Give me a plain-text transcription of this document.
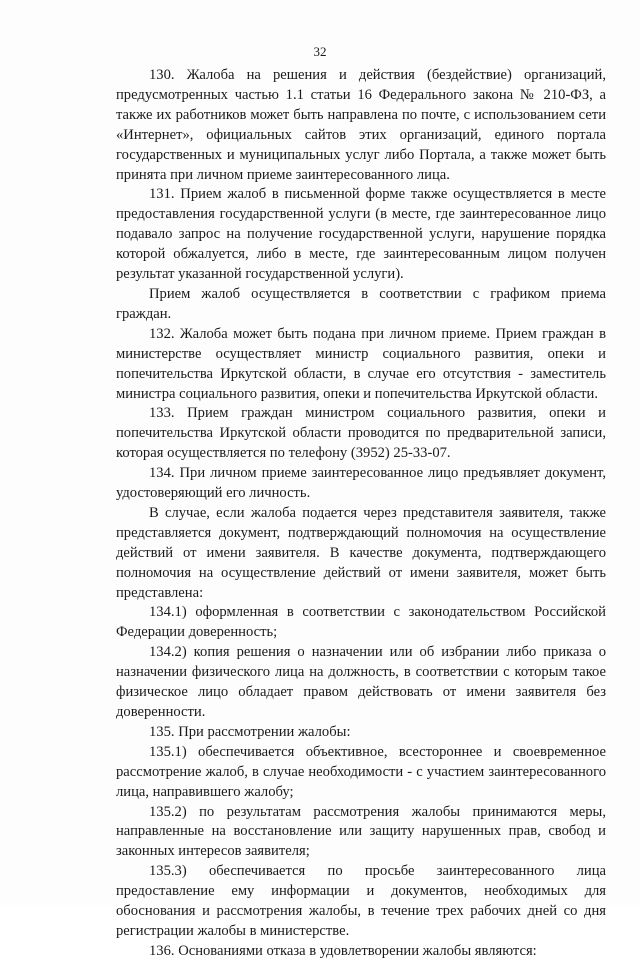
32

130. Жалоба на решения и действия (бездействие) организаций, предусмотренных частью 1.1 статьи 16 Федерального закона № 210-ФЗ, а также их работников может быть направлена по почте, с использованием сети «Интернет», официальных сайтов этих организаций, единого портала государственных и муниципальных услуг либо Портала, а также может быть принята при личном приеме заинтересованного лица.

131. Прием жалоб в письменной форме также осуществляется в месте предоставления государственной услуги (в месте, где заинтересованное лицо подавало запрос на получение государственной услуги, нарушение порядка которой обжалуется, либо в месте, где заинтересованным лицом получен результат указанной государственной услуги).

Прием жалоб осуществляется в соответствии с графиком приема граждан.

132. Жалоба может быть подана при личном приеме. Прием граждан в министерстве осуществляет министр социального развития, опеки и попечительства Иркутской области, в случае его отсутствия - заместитель министра социального развития, опеки и попечительства Иркутской области.

133. Прием граждан министром социального развития, опеки и попечительства Иркутской области проводится по предварительной записи, которая осуществляется по телефону (3952) 25-33-07.

134. При личном приеме заинтересованное лицо предъявляет документ, удостоверяющий его личность.

В случае, если жалоба подается через представителя заявителя, также представляется документ, подтверждающий полномочия на осуществление действий от имени заявителя. В качестве документа, подтверждающего полномочия на осуществление действий от имени заявителя, может быть представлена:

134.1) оформленная в соответствии с законодательством Российской Федерации доверенность;

134.2) копия решения о назначении или об избрании либо приказа о назначении физического лица на должность, в соответствии с которым такое физическое лицо обладает правом действовать от имени заявителя без доверенности.

135. При рассмотрении жалобы:

135.1) обеспечивается объективное, всестороннее и своевременное рассмотрение жалоб, в случае необходимости - с участием заинтересованного лица, направившего жалобу;

135.2) по результатам рассмотрения жалобы принимаются меры, направленные на восстановление или защиту нарушенных прав, свобод и законных интересов заявителя;

135.3) обеспечивается по просьбе заинтересованного лица предоставление ему информации и документов, необходимых для обоснования и рассмотрения жалобы, в течение трех рабочих дней со дня регистрации жалобы в министерстве.

136. Основаниями отказа в удовлетворении жалобы являются:
